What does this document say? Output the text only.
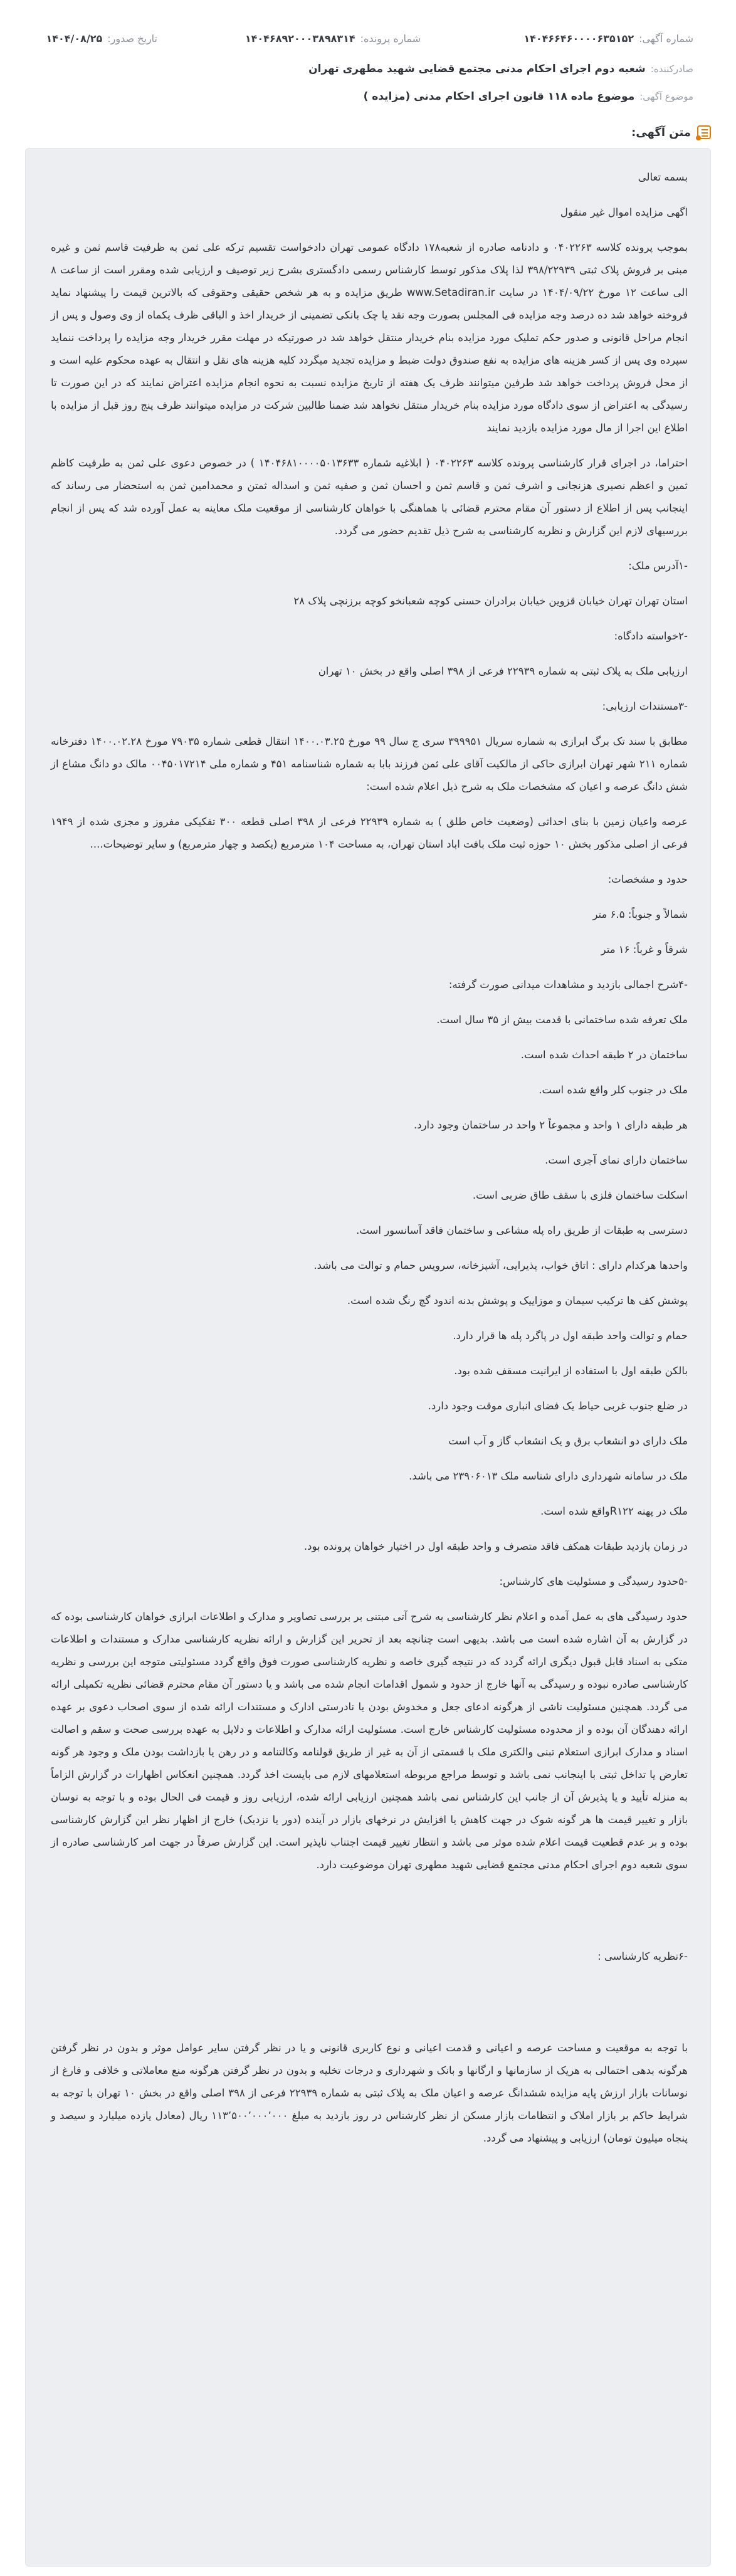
شماره آگهی:
۱۴۰۴۶۶۴۶۰۰۰۰۶۳۵۱۵۲
شماره پرونده:
۱۴۰۴۶۸۹۲۰۰۰۳۸۹۸۳۱۴
تاریخ صدور:
۱۴۰۴/۰۸/۲۵
صادرکننده:
شعبه دوم اجرای احکام مدنی مجتمع قضایی شهید مطهری تهران
موضوع آگهی:
موضوع ماده ۱۱۸ قانون اجرای احکام مدنی (مزایده )
متن آگهی:

بسمه تعالی

اگهی مزایده اموال غیر منقول

بموجب پرونده کلاسه ۰۴۰۲۲۶۳ و دادنامه صادره از شعبه۱۷۸ دادگاه عمومی تهران دادخواست تقسیم ترکه علی ثمن به ظرفیت قاسم ثمن و غیره مبنی بر فروش پلاک ثبتی ۳۹۸/۲۲۹۳۹ لذا پلاک مذکور توسط کارشناس رسمی دادگستری بشرح زیر توصیف و ارزیابی شده ومقرر است از ساعت ۸ الی ساعت ۱۲ مورخ ۱۴۰۴/۰۹/۲۲ در سایت www.Setadiran.ir طریق مزایده و به هر شخص حقیقی وحقوقی که بالاترین قیمت را پیشنهاد نماید فروخته خواهد شد ده درصد وجه مزایده فی المجلس بصورت وجه نقد یا چک بانکی تضمینی از خریدار اخذ و الباقی ظرف یکماه از وی وصول و پس از انجام مراحل قانونی و صدور حکم تملیک مورد مزایده بنام خریدار منتقل خواهد شد در صورتیکه در مهلت مقرر خریدار وجه مزایده را پرداخت ننماید سپرده وی پس از کسر هزینه های مزایده به نفع صندوق دولت ضبط و مزایده تجدید میگردد کلیه هزینه های نقل و انتقال به عهده محکوم علیه است و از محل فروش پرداخت خواهد شد طرفین میتوانند ظرف یک هفته از تاریخ مزایده نسبت به نحوه انجام مزایده اعتراض نمایند که در این صورت تا رسیدگی به اعتراض از سوی دادگاه مورد مزایده بنام خریدار منتقل نخواهد شد ضمنا طالبین شرکت در مزایده میتوانند ظرف پنج روز قبل از مزایده با اطلاع این اجرا از مال مورد مزایده بازدید نمایند

احتراما، در اجرای قرار کارشناسی پرونده کلاسه ۰۴۰۲۲۶۳ ( ابلاغیه شماره ۱۴۰۴۶۸۱۰۰۰۰۵۰۱۳۶۳۳ ) در خصوص دعوی علی ثمن به طرفیت کاظم ثمین و اعظم نصیری هزنجانی و اشرف ثمن و قاسم ثمن و احسان ثمن و صفیه ثمن و اسداله ثمتن و محمدامین ثمن به استحضار می رساند که اینجانب پس از اطلاع از دستور آن مقام محترم قضائی با هماهنگی با خواهان کارشناسی از موقعیت ملک معاینه به عمل آورده شد که پس از انجام بررسیهای لازم این گزارش و نظریه کارشناسی به شرح ذیل تقدیم حضور می گردد.

-۱آدرس ملک:

استان تهران تهران خیابان قزوین خیابان برادران حسنی کوچه شعبانخو کوچه برزنچی پلاک ۲۸

-۲خواسته دادگاه:

ارزیابی ملک به پلاک ثبتی به شماره ۲۲۹۳۹ فرعی از ۳۹۸ اصلی واقع در بخش ۱۰ تهران

-۳مستندات ارزیابی:

مطابق با سند تک برگ ابرازی به شماره سریال ۳۹۹۹۵۱ سری ج سال ۹۹ مورخ ۱۴۰۰.۰۳.۲۵ انتقال قطعی شماره ۷۹۰۳۵ مورخ ۱۴۰۰.۰۲.۲۸ دفترخانه شماره ۲۱۱ شهر تهران ابرازی حاکی از مالکیت آقای علی ثمن فرزند بابا به شماره شناسنامه ۴۵۱ و شماره ملی ۰۰۴۵۰۱۷۲۱۴ مالک دو دانگ مشاع از شش دانگ عرصه و اعیان که مشخصات ملک به شرح ذیل اعلام شده است:

عرصه واعیان زمین با بنای احداثی (وضعیت خاص طلق ) به شماره ۲۲۹۳۹ فرعی از ۳۹۸ اصلی قطعه ۳۰۰ تفکیکی مفروز و مجزی شده از ۱۹۴۹ فرعی از اصلی مذکور بخش ۱۰ حوزه ثبت ملک بافت اباد استان تهران، به مساحت ۱۰۴ مترمربع (یکصد و چهار مترمربع) و سایر توضیحات....

حدود و مشخصات:

شمالاً و جنوباً: ۶.۵ متر

شرقاً و غرباً: ۱۶ متر

-۴شرح اجمالی بازدید و مشاهدات میدانی صورت گرفته:

ملک تعرفه شده ساختمانی با قدمت بیش از ۳۵ سال است.

ساختمان در ۲ طبقه احداث شده است.

ملک در جنوب کلر واقع شده است.

هر طبقه دارای ۱ واحد و مجموعاً ۲ واحد در ساختمان وجود دارد.

ساختمان دارای نمای آجری است.

اسکلت ساختمان فلزی با سقف طاق ضربی است.

دسترسی به طبقات از طریق راه پله مشاعی و ساختمان فاقد آسانسور است.

واحدها هرکدام دارای : اتاق خواب، پذیرایی، آشپزخانه، سرویس حمام و توالت می باشد.

پوشش کف ها ترکیب سیمان و موزاییک و پوشش بدنه اندود گچ رنگ شده است.

حمام و توالت واحد طبقه اول در پاگرد پله ها قرار دارد.

بالکن طبقه اول با استفاده از ایرانیت مسقف شده بود.

در ضلع جنوب غربی حیاط یک فضای انباری موقت وجود دارد.

ملک دارای دو انشعاب برق و یک انشعاب گاز و آب است

ملک در سامانه شهرداری دارای شناسه ملک ۲۳۹۰۶۰۱۳ می باشد.

ملک در پهنه R۱۲۲واقع شده است.

در زمان بازدید طبقات همکف فاقد متصرف و واحد طبقه اول در اختیار خواهان پرونده بود.

-۵حدود رسیدگی و مسئولیت های کارشناس:

حدود رسیدگی های به عمل آمده و اعلام نظر کارشناسی به شرح آتی مبتنی بر بررسی تصاویر و مدارک و اطلاعات ابرازی خواهان کارشناسی بوده که در گزارش به آن اشاره شده است می باشد. بدیهی است چنانچه بعد از تحریر این گزارش و ارائه نظریه کارشناسی مدارک و مستندات و اطلاعات متکی به اسناد قابل قبول دیگری ارائه گردد که در نتیجه گیری خاصه و نظریه کارشناسی صورت فوق واقع گردد مسئولیتی متوجه این بررسی و نظریه کارشناسی صادره نبوده و رسیدگی به آنها خارج از حدود و شمول اقدامات انجام شده می باشد و یا دستور آن مقام محترم قضائی نظریه تکمیلی ارائه می گردد. همچنین مسئولیت ناشی از هرگونه ادعای جعل و مخدوش بودن یا نادرستی ادارک و مستندات ارائه شده از سوی اصحاب دعوی بر عهده ارائه دهندگان آن بوده و از محدوده مسئولیت کارشناس خارج است. مسئولیت ارائه مدارک و اطلاعات و دلایل به عهده بررسی صحت و سقم و اصالت اسناد و مدارک ابرازی استعلام تبنی والکتری ملک با قسمتی از آن به غیر از طریق قولنامه وکالتنامه و در رهن یا بازداشت بودن ملک و وجود هر گونه تعارض یا تداخل ثبتی با اینجانب نمی باشد و توسط مراجع مربوطه استعلامهای لازم می بایست اخذ گردد. همچنین انعکاس اظهارات در گزارش الزاماً به منزله تأیید و یا پذیرش آن از جانب این کارشناس نمی باشد همچنین ارزیابی ارائه شده، ارزیابی روز و قیمت فی الحال بوده و با توجه به نوسان بازار و تغییر قیمت ها هر گونه شوک در جهت کاهش یا افزایش در نرخهای بازار در آینده (دور یا نزدیک) خارج از اظهار نظر این گزارش کارشناسی بوده و بر عدم قطعیت قیمت اعلام شده موثر می باشد و انتظار تغییر قیمت اجتناب ناپذیر است. این گزارش صرفاً در جهت امر کارشناسی صادره از سوی شعبه دوم اجرای احکام مدنی مجتمع قضایی شهید مطهری تهران موضوعیت دارد.

-۶نظریه کارشناسی :

با توجه به موقعیت و مساحت عرصه و اعیانی و قدمت اعیانی و نوع کاربری قانونی و یا در نظر گرفتن سایر عوامل موثر و بدون در نظر گرفتن هرگونه بدهی احتمالی به هریک از سازمانها و ارگانها و بانک و شهرداری و درجات تخلیه و بدون در نظر گرفتن هرگونه منع معاملاتی و خلافی و فارغ از نوسانات بازار ارزش پایه مزایده ششدانگ عرصه و اعیان ملک به پلاک ثبتی به شماره ۲۲۹۳۹ فرعی از ۳۹۸ اصلی واقع در بخش ۱۰ تهران با توجه به شرایط حاکم بر بازار املاک و انتظامات بازار مسکن از نظر کارشناس در روز بازدید به مبلغ ۱۱۳٬۵۰۰٬۰۰۰٬۰۰۰ ریال (معادل یازده میلیارد و سیصد و پنجاه میلیون تومان) ارزیابی و پیشنهاد می گردد.
